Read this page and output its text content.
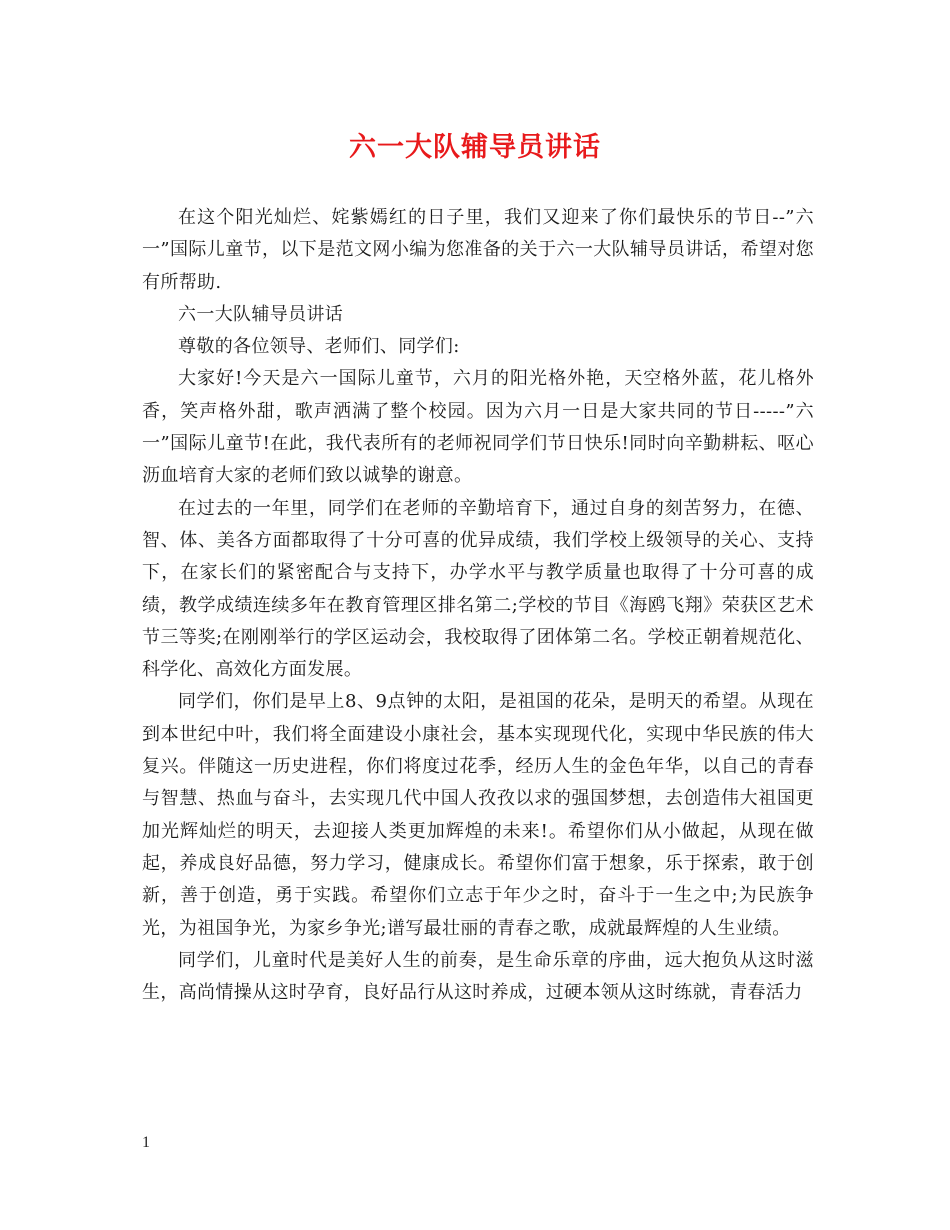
六一大队辅导员讲话

在这个阳光灿烂、姹紫嫣红的日子里，我们又迎来了你们最快乐的节日--”六一”国际儿童节，以下是范文网小编为您准备的关于六一大队辅导员讲话，希望对您有所帮助.

六一大队辅导员讲话

尊敬的各位领导、老师们、同学们:

大家好!今天是六一国际儿童节，六月的阳光格外艳，天空格外蓝，花儿格外香，笑声格外甜，歌声洒满了整个校园。因为六月一日是大家共同的节日-----”六一”国际儿童节!在此，我代表所有的老师祝同学们节日快乐!同时向辛勤耕耘、呕心沥血培育大家的老师们致以诚挚的谢意。

在过去的一年里，同学们在老师的辛勤培育下，通过自身的刻苦努力，在德、智、体、美各方面都取得了十分可喜的优异成绩，我们学校上级领导的关心、支持下，在家长们的紧密配合与支持下，办学水平与教学质量也取得了十分可喜的成绩，教学成绩连续多年在教育管理区排名第二;学校的节目《海鸥飞翔》荣获区艺术节三等奖;在刚刚举行的学区运动会，我校取得了团体第二名。学校正朝着规范化、科学化、高效化方面发展。

同学们，你们是早上8、9点钟的太阳，是祖国的花朵，是明天的希望。从现在到本世纪中叶，我们将全面建设小康社会，基本实现现代化，实现中华民族的伟大复兴。伴随这一历史进程，你们将度过花季，经历人生的金色年华，以自己的青春与智慧、热血与奋斗，去实现几代中国人孜孜以求的强国梦想，去创造伟大祖国更加光辉灿烂的明天，去迎接人类更加辉煌的未来!。希望你们从小做起，从现在做起，养成良好品德，努力学习，健康成长。希望你们富于想象，乐于探索，敢于创新，善于创造，勇于实践。希望你们立志于年少之时，奋斗于一生之中;为民族争光，为祖国争光，为家乡争光;谱写最壮丽的青春之歌，成就最辉煌的人生业绩。

同学们，儿童时代是美好人生的前奏，是生命乐章的序曲，远大抱负从这时滋生，高尚情操从这时孕育，良好品行从这时养成，过硬本领从这时练就，青春活力

1
